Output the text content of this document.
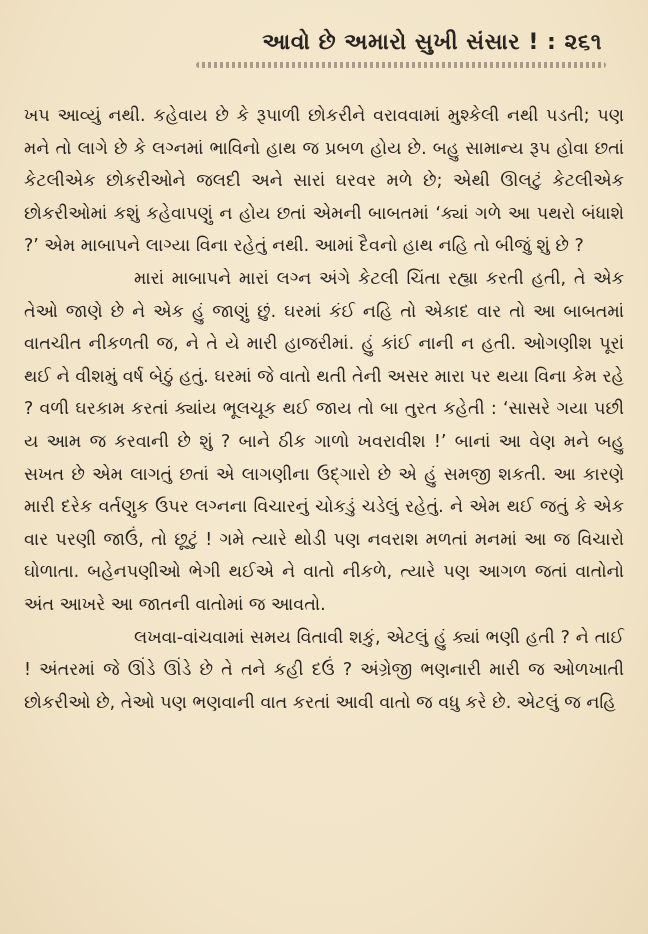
આવો છે અમારો સુખી સંસાર ! : ૨૬૧

ખપ આવ્યું નથી. કહેવાય છે કે રૂપાળી છોકરીને વરાવવામાં મુશ્કેલી નથી પડતી; પણ મને તો લાગે છે કે લગ્નમાં ભાવિનો હાથ જ પ્રબળ હોય છે. બહુ સામાન્ય રૂપ હોવા છતાં કેટલીએક છોકરીઓને જલદી અને સારાં ઘરવર મળે છે; એથી ઊલટું કેટલીએક છોકરીઓમાં કશું કહેવાપણું ન હોય છતાં એમની બાબતમાં ‘ક્યાં ગળે આ પથરો બંધાશે ?’ એમ માબાપને લાગ્યા વિના રહેતું નથી. આમાં દૈવનો હાથ નહિ તો બીજું શું છે ?

મારાં માબાપને મારાં લગ્ન અંગે કેટલી ચિંતા રહ્યા કરતી હતી, તે એક તેઓ જાણે છે ને એક હું જાણું છું. ઘરમાં કંઈ નહિ તો એકાદ વાર તો આ બાબતમાં વાતચીત નીકળતી જ, ને તે યે મારી હાજરીમાં. હું કાંઈ નાની ન હતી. ઓગણીશ પૂરાં થઈ ને વીશમું વર્ષ બેઠું હતું. ઘરમાં જે વાતો થતી તેની અસર મારા પર થયા વિના કેમ રહે ? વળી ઘરકામ કરતાં ક્યાંય ભૂલચૂક થઈ જાય તો બા તુરત કહેતી : ‘સાસરે ગયા પછી ય આમ જ કરવાની છે શું ? બાને ઠીક ગાળો ખવરાવીશ !’ બાનાં આ વેણ મને બહુ સખત છે એમ લાગતું છતાં એ લાગણીના ઉદ્ગારો છે એ હું સમજી શકતી. આ કારણે મારી દરેક વર્તણુક ઉપર લગ્નના વિચારનું ચોકડું ચડેલું રહેતું. ને એમ થઈ જતું કે એક વાર પરણી જાઉં, તો છૂટું ! ગમે ત્યારે થોડી પણ નવરાશ મળતાં મનમાં આ જ વિચારો ઘોળાતા. બહેનપણીઓ ભેગી થઈએ ને વાતો નીકળે, ત્યારે પણ આગળ જતાં વાતોનો અંત આખરે આ જાતની વાતોમાં જ આવતો.

લખવા-વાંચવામાં સમય વિતાવી શકું, એટલું હું ક્યાં ભણી હતી ? ને તાઈ ! અંતરમાં જે ઊંડે ઊંડે છે તે તને કહી દઉં ? અંગ્રેજી ભણનારી મારી જ ઓળખાતી છોકરીઓ છે, તેઓ પણ ભણવાની વાત કરતાં આવી વાતો જ વધુ કરે છે. એટલું જ નહિ
